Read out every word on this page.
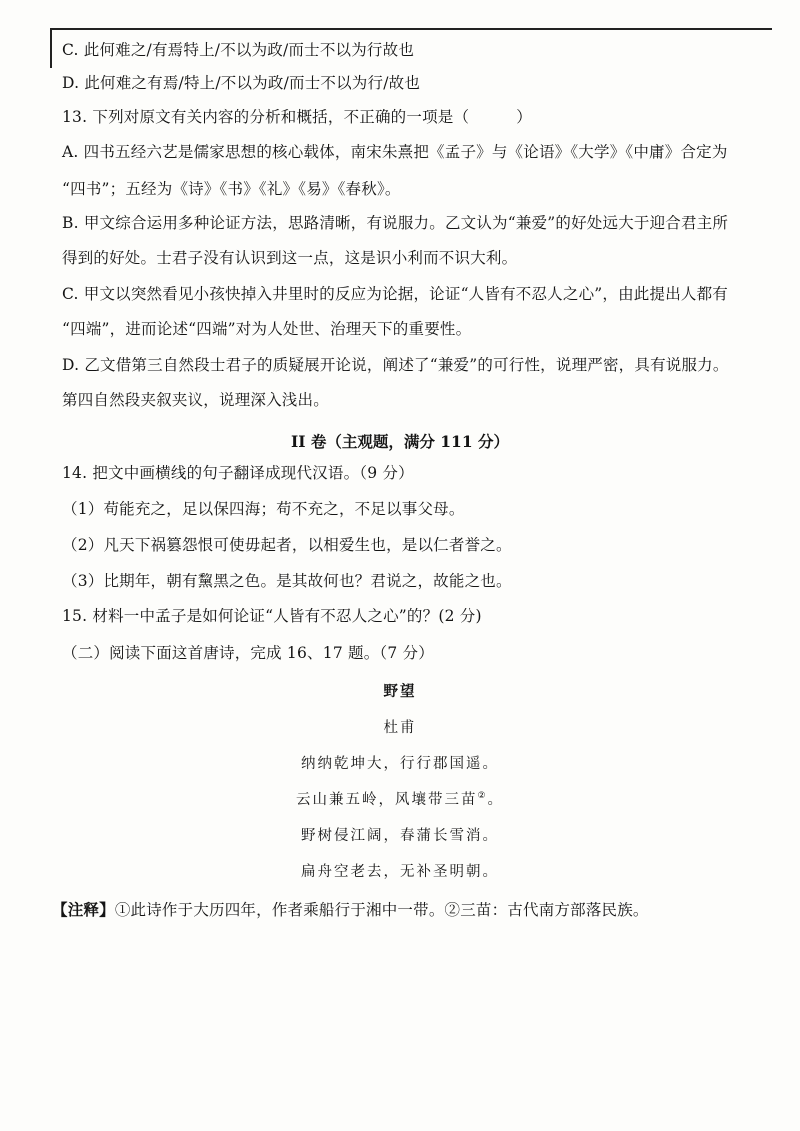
C. 此何难之/有焉特上/不以为政/而士不以为行故也
D. 此何难之有焉/特上/不以为政/而士不以为行/故也
13. 下列对原文有关内容的分析和概括，不正确的一项是（　　　）
A. 四书五经六艺是儒家思想的核心载体，南宋朱熹把《孟子》与《论语》《大学》《中庸》合定为
“四书”；五经为《诗》《书》《礼》《易》《春秋》。
B. 甲文综合运用多种论证方法，思路清晰，有说服力。乙文认为“兼爱”的好处远大于迎合君主所
得到的好处。士君子没有认识到这一点，这是识小利而不识大利。
C. 甲文以突然看见小孩快掉入井里时的反应为论据，论证“人皆有不忍人之心”，由此提出人都有
“四端”，进而论述“四端”对为人处世、治理天下的重要性。
D. 乙文借第三自然段士君子的质疑展开论说，阐述了“兼爱”的可行性，说理严密，具有说服力。
第四自然段夹叙夹议，说理深入浅出。
II 卷（主观题，满分 111 分）
14. 把文中画横线的句子翻译成现代汉语。（9 分）
（1）苟能充之，足以保四海；苟不充之，不足以事父母。
（2）凡天下祸篡怨恨可使毋起者，以相爱生也，是以仁者誉之。
（3）比期年，朝有黧黑之色。是其故何也？君说之，故能之也。
15. 材料一中孟子是如何论证“人皆有不忍人之心”的？(2 分)
（二）阅读下面这首唐诗，完成 16、17 题。（7 分）
野望
杜甫
纳纳乾坤大，行行郡国遥。
云山兼五岭，风壤带三苗②。
野树侵江阔，春蒲长雪消。
扁舟空老去，无补圣明朝。
【注释】①此诗作于大历四年，作者乘船行于湘中一带。②三苗：古代南方部落民族。
